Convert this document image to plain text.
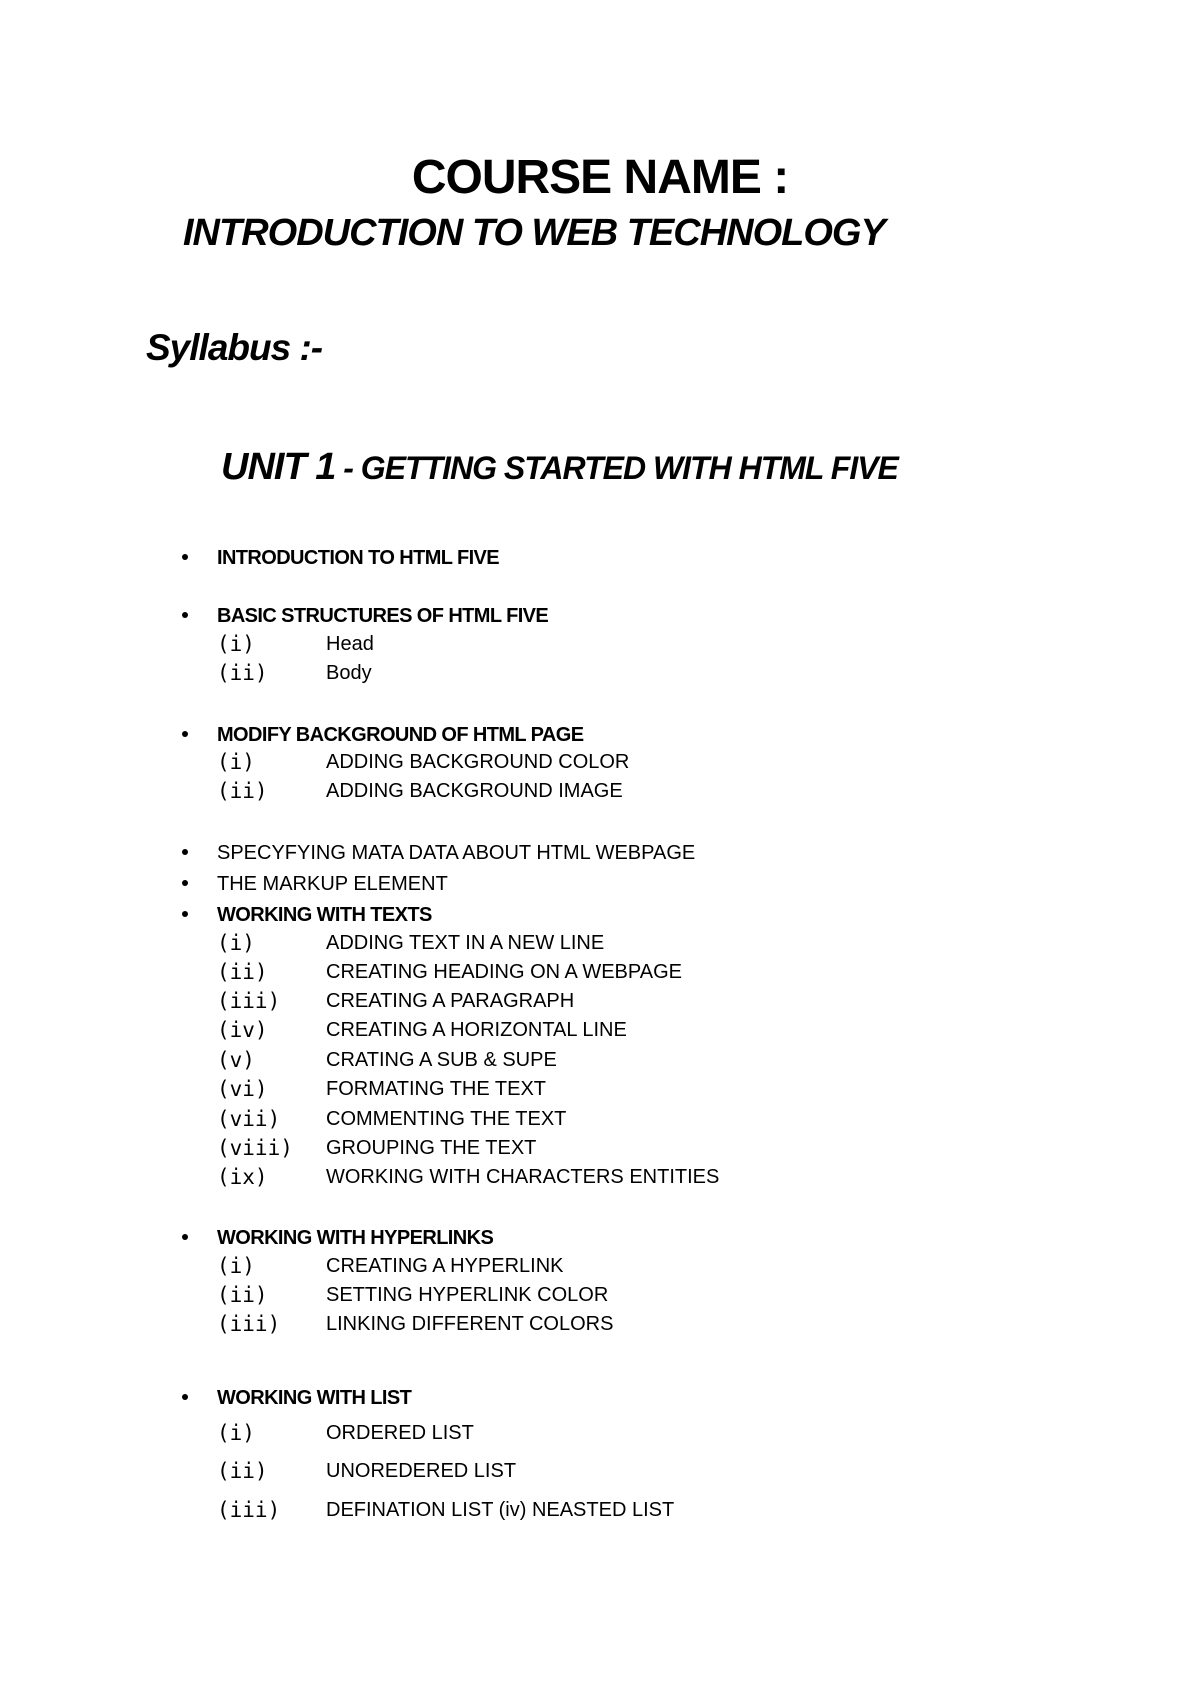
COURSE NAME :
INTRODUCTION TO WEB TECHNOLOGY
Syllabus :-
UNIT 1 - GETTING STARTED WITH HTML FIVE
INTRODUCTION TO HTML FIVE
BASIC STRUCTURES OF HTML FIVE
(i)	Head
(ii)	Body
MODIFY BACKGROUND OF HTML PAGE
(i)	ADDING BACKGROUND COLOR
(ii)	ADDING BACKGROUND IMAGE
SPECYFYING MATA DATA ABOUT HTML WEBPAGE
THE MARKUP ELEMENT
WORKING WITH TEXTS
(i)	ADDING TEXT IN A NEW LINE
(ii)	CREATING HEADING ON A WEBPAGE
(iii) CREATING A PARAGRAPH
(iv)	CREATING A HORIZONTAL LINE
(v)	CRATING A SUB & SUPE
(vi)	FORMATING THE TEXT
(vii) COMMENTING THE TEXT
(viii) GROUPING THE TEXT
(ix)	WORKING WITH CHARACTERS ENTITIES
WORKING WITH HYPERLINKS
(i)	CREATING A HYPERLINK
(ii)	SETTING HYPERLINK COLOR
(iii) LINKING DIFFERENT COLORS
WORKING WITH LIST
(i)	ORDERED LIST
(ii)	UNOREDERED LIST
(iii) DEFINATION LIST (iv) NEASTED LIST
